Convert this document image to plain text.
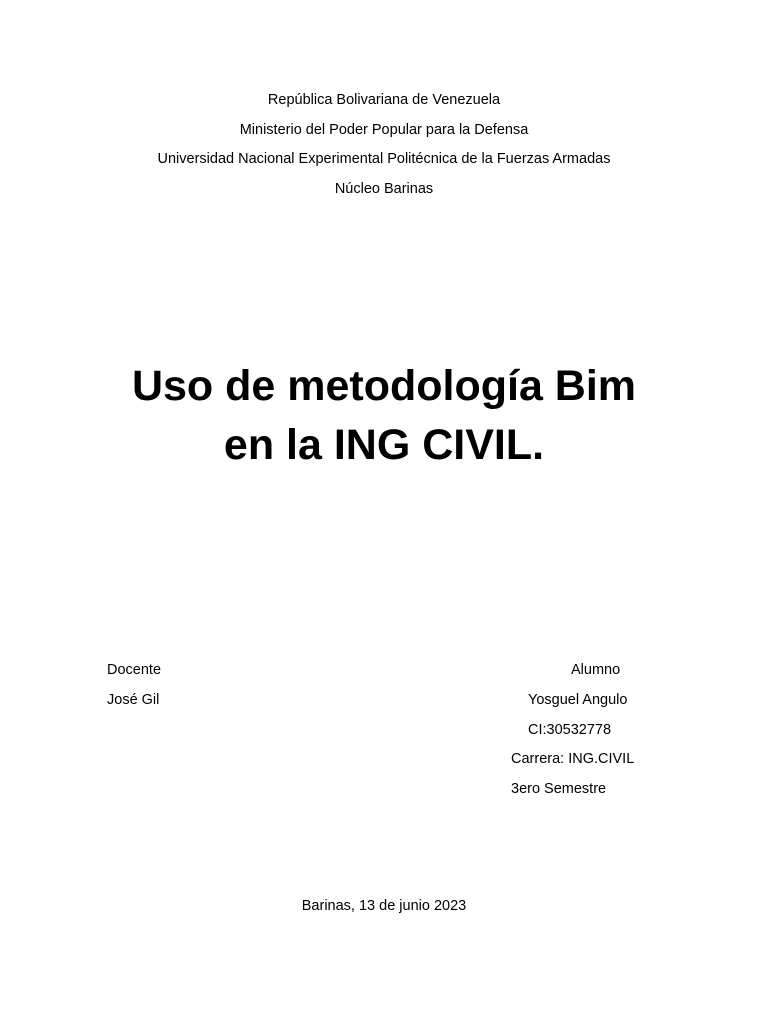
República Bolivariana de Venezuela
Ministerio del Poder Popular para la Defensa
Universidad Nacional Experimental Politécnica de la Fuerzas Armadas
Núcleo Barinas
Uso de metodología Bim
en la ING CIVIL.
Docente
José Gil
Alumno
Yosguel Angulo
CI:30532778
Carrera: ING.CIVIL
3ero Semestre
Barinas, 13 de junio 2023
